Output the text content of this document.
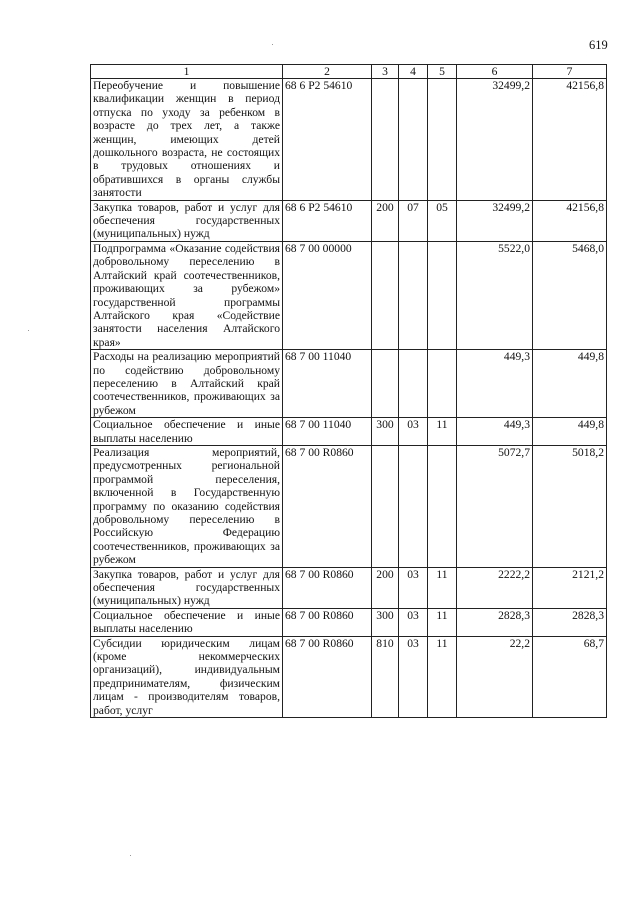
619
1	2	3	4	5	6	7
Переобучение и повышение квалификации женщин в период отпуска по уходу за ребенком в возрасте до трех лет, а также женщин, имеющих детей дошкольного возраста, не состоящих в трудовых отношениях и обратившихся в органы службы занятости	68 6 Р2 54610				32499,2	42156,8
Закупка товаров, работ и услуг для обеспечения государственных (муниципальных) нужд	68 6 Р2 54610	200	07	05	32499,2	42156,8
Подпрограмма «Оказание содействия добровольному переселению в Алтайский край соотечественников, проживающих за рубежом» государственной программы Алтайского края «Содействие занятости населения Алтайского края»	68 7 00 00000				5522,0	5468,0
Расходы на реализацию мероприятий по содействию добровольному переселению в Алтайский край соотечественников, проживающих за рубежом	68 7 00 11040				449,3	449,8
Социальное обеспечение и иные выплаты населению	68 7 00 11040	300	03	11	449,3	449,8
Реализация мероприятий, предусмотренных региональной программой переселения, включенной в Государственную программу по оказанию содействия добровольному переселению в Российскую Федерацию соотечественников, проживающих за рубежом	68 7 00 R0860				5072,7	5018,2
Закупка товаров, работ и услуг для обеспечения государственных (муниципальных) нужд	68 7 00 R0860	200	03	11	2222,2	2121,2
Социальное обеспечение и иные выплаты населению	68 7 00 R0860	300	03	11	2828,3	2828,3
Субсидии юридическим лицам (кроме некоммерческих организаций), индивидуальным предпринимателям, физическим лицам - производителям товаров, работ, услуг	68 7 00 R0860	810	03	11	22,2	68,7
